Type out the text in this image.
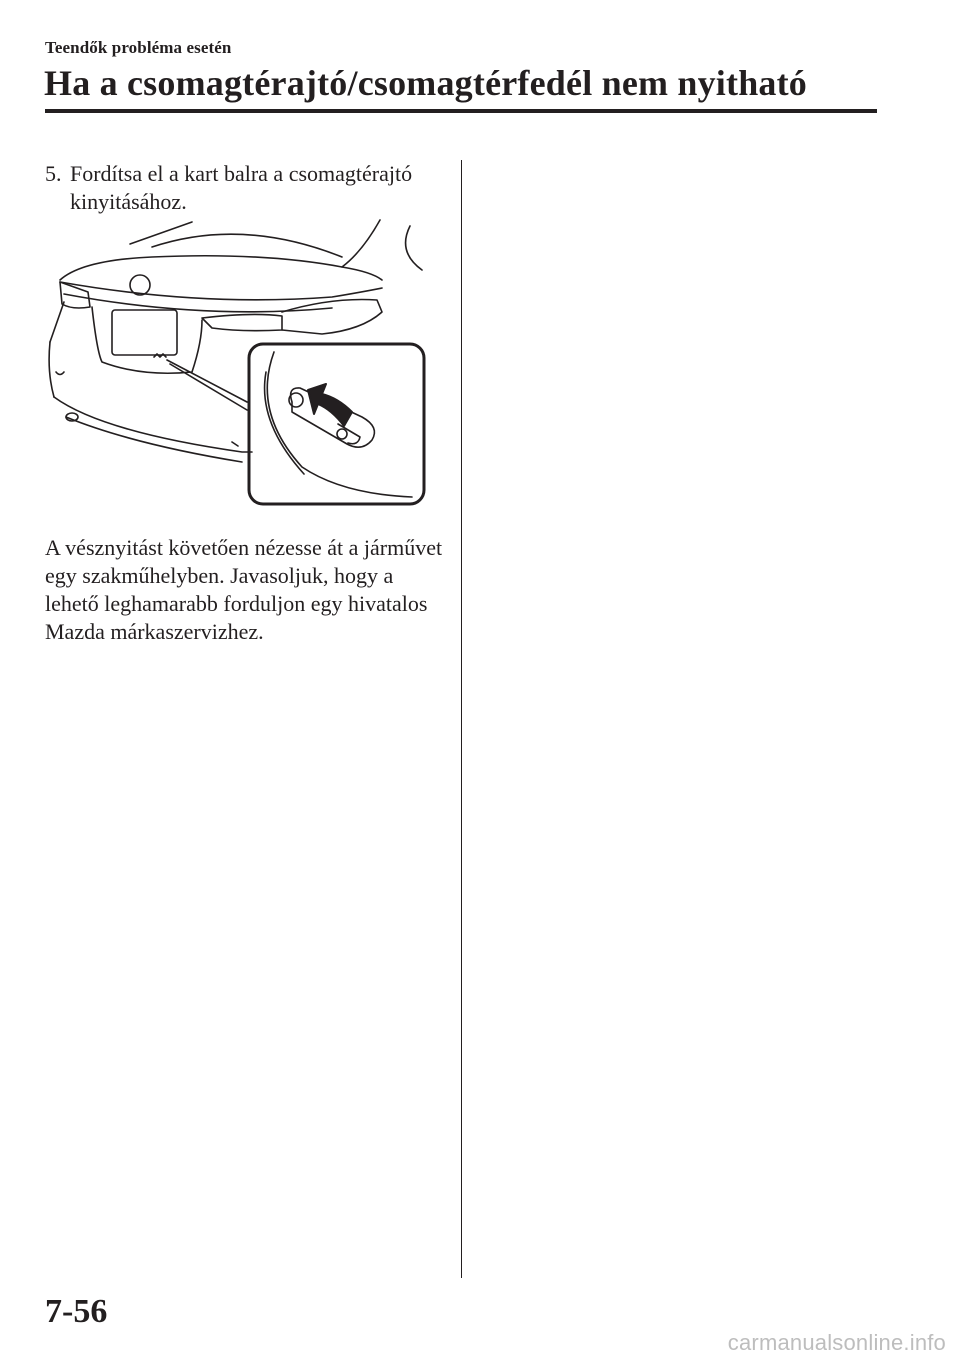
Teendők probléma esetén
Ha a csomagtérajtó/csomagtérfedél nem nyitható
5. Fordítsa el a kart balra a csomagtérajtó kinyitásához.

A vésznyitást követően nézesse át a járművet egy szakműhelyben. Javasoljuk, hogy a lehető leghamarabb forduljon egy hivatalos Mazda márkaszervizhez.

7-56
carmanualsonline.info
